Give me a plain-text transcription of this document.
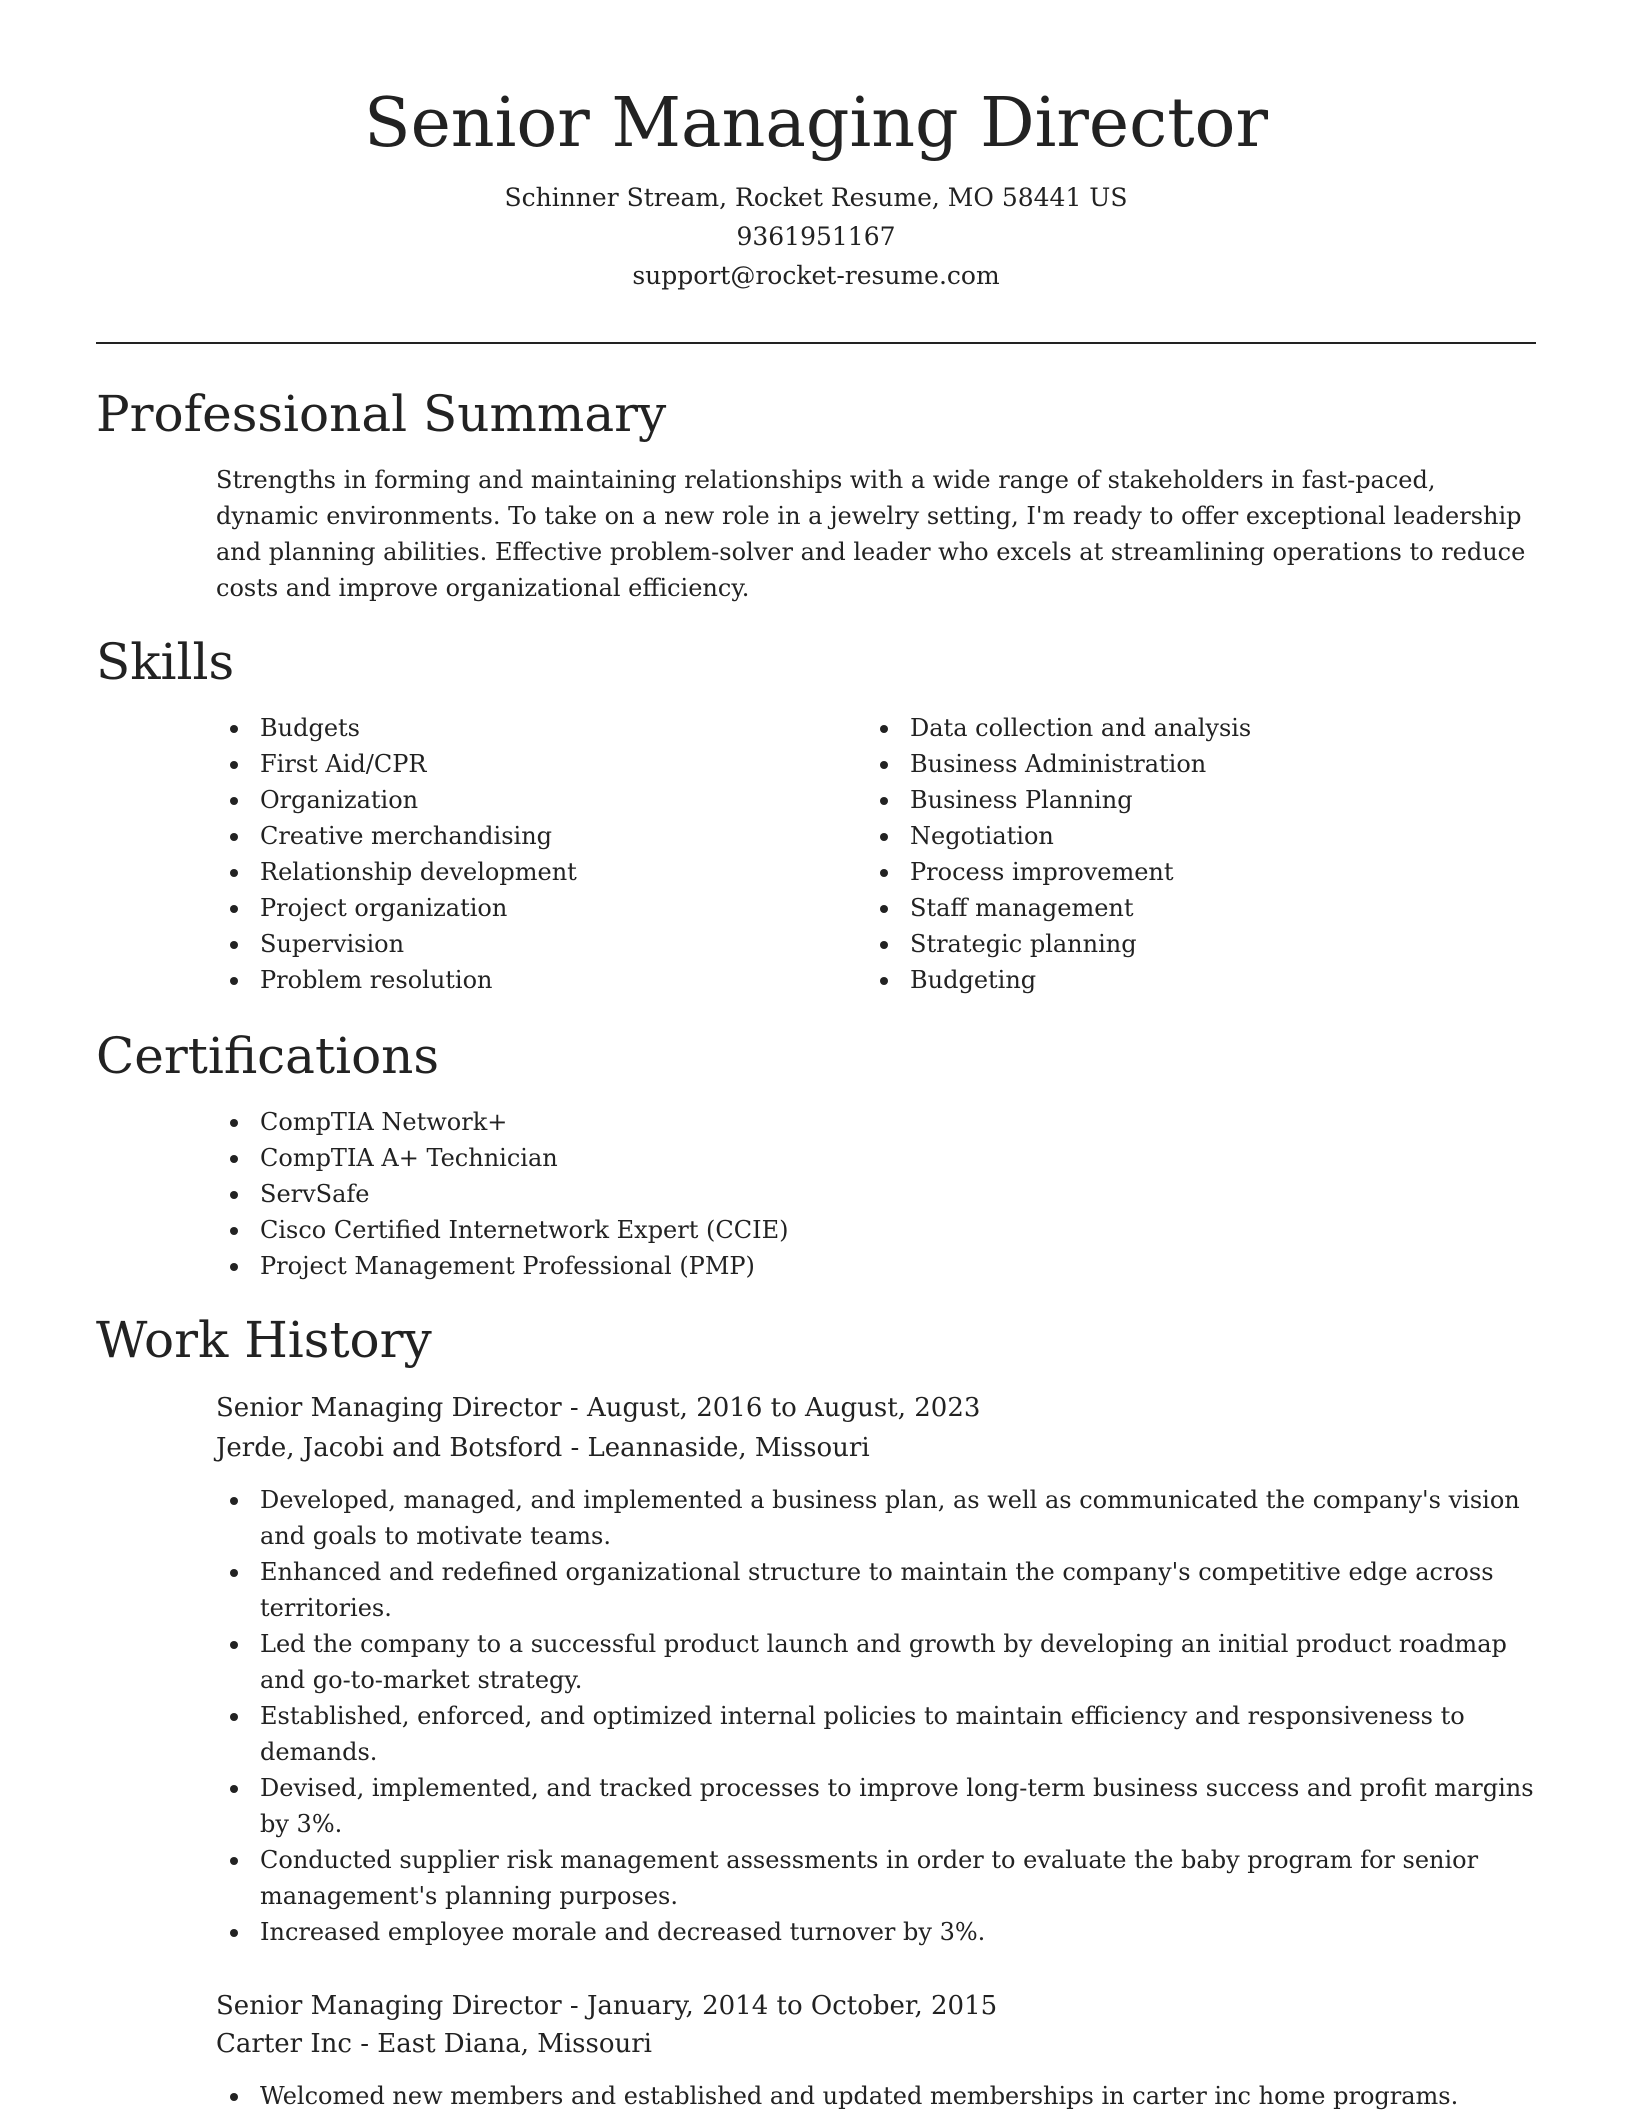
Senior Managing Director
Schinner Stream, Rocket Resume, MO 58441 US
9361951167
support@rocket-resume.com
Professional Summary

Strengths in forming and maintaining relationships with a wide range of stakeholders in fast-paced, dynamic environments. To take on a new role in a jewelry setting, I'm ready to offer exceptional leadership and planning abilities. Effective problem-solver and leader who excels at streamlining operations to reduce costs and improve organizational efficiency.

Skills
Budgets
First Aid/CPR
Organization
Creative merchandising
Relationship development
Project organization
Supervision
Problem resolution
Data collection and analysis
Business Administration
Business Planning
Negotiation
Process improvement
Staff management
Strategic planning
Budgeting
Certifications
CompTIA Network+
CompTIA A+ Technician
ServSafe
Cisco Certified Internetwork Expert (CCIE)
Project Management Professional (PMP)
Work History
Senior Managing Director - August, 2016 to August, 2023
Jerde, Jacobi and Botsford - Leannaside, Missouri
Developed, managed, and implemented a business plan, as well as communicated the company's vision and goals to motivate teams.
Enhanced and redefined organizational structure to maintain the company's competitive edge across territories.
Led the company to a successful product launch and growth by developing an initial product roadmap and go-to-market strategy.
Established, enforced, and optimized internal policies to maintain efficiency and responsiveness to demands.
Devised, implemented, and tracked processes to improve long-term business success and profit margins by 3%.
Conducted supplier risk management assessments in order to evaluate the baby program for senior management's planning purposes.
Increased employee morale and decreased turnover by 3%.
Senior Managing Director - January, 2014 to October, 2015
Carter Inc - East Diana, Missouri
Welcomed new members and established and updated memberships in carter inc home programs.
